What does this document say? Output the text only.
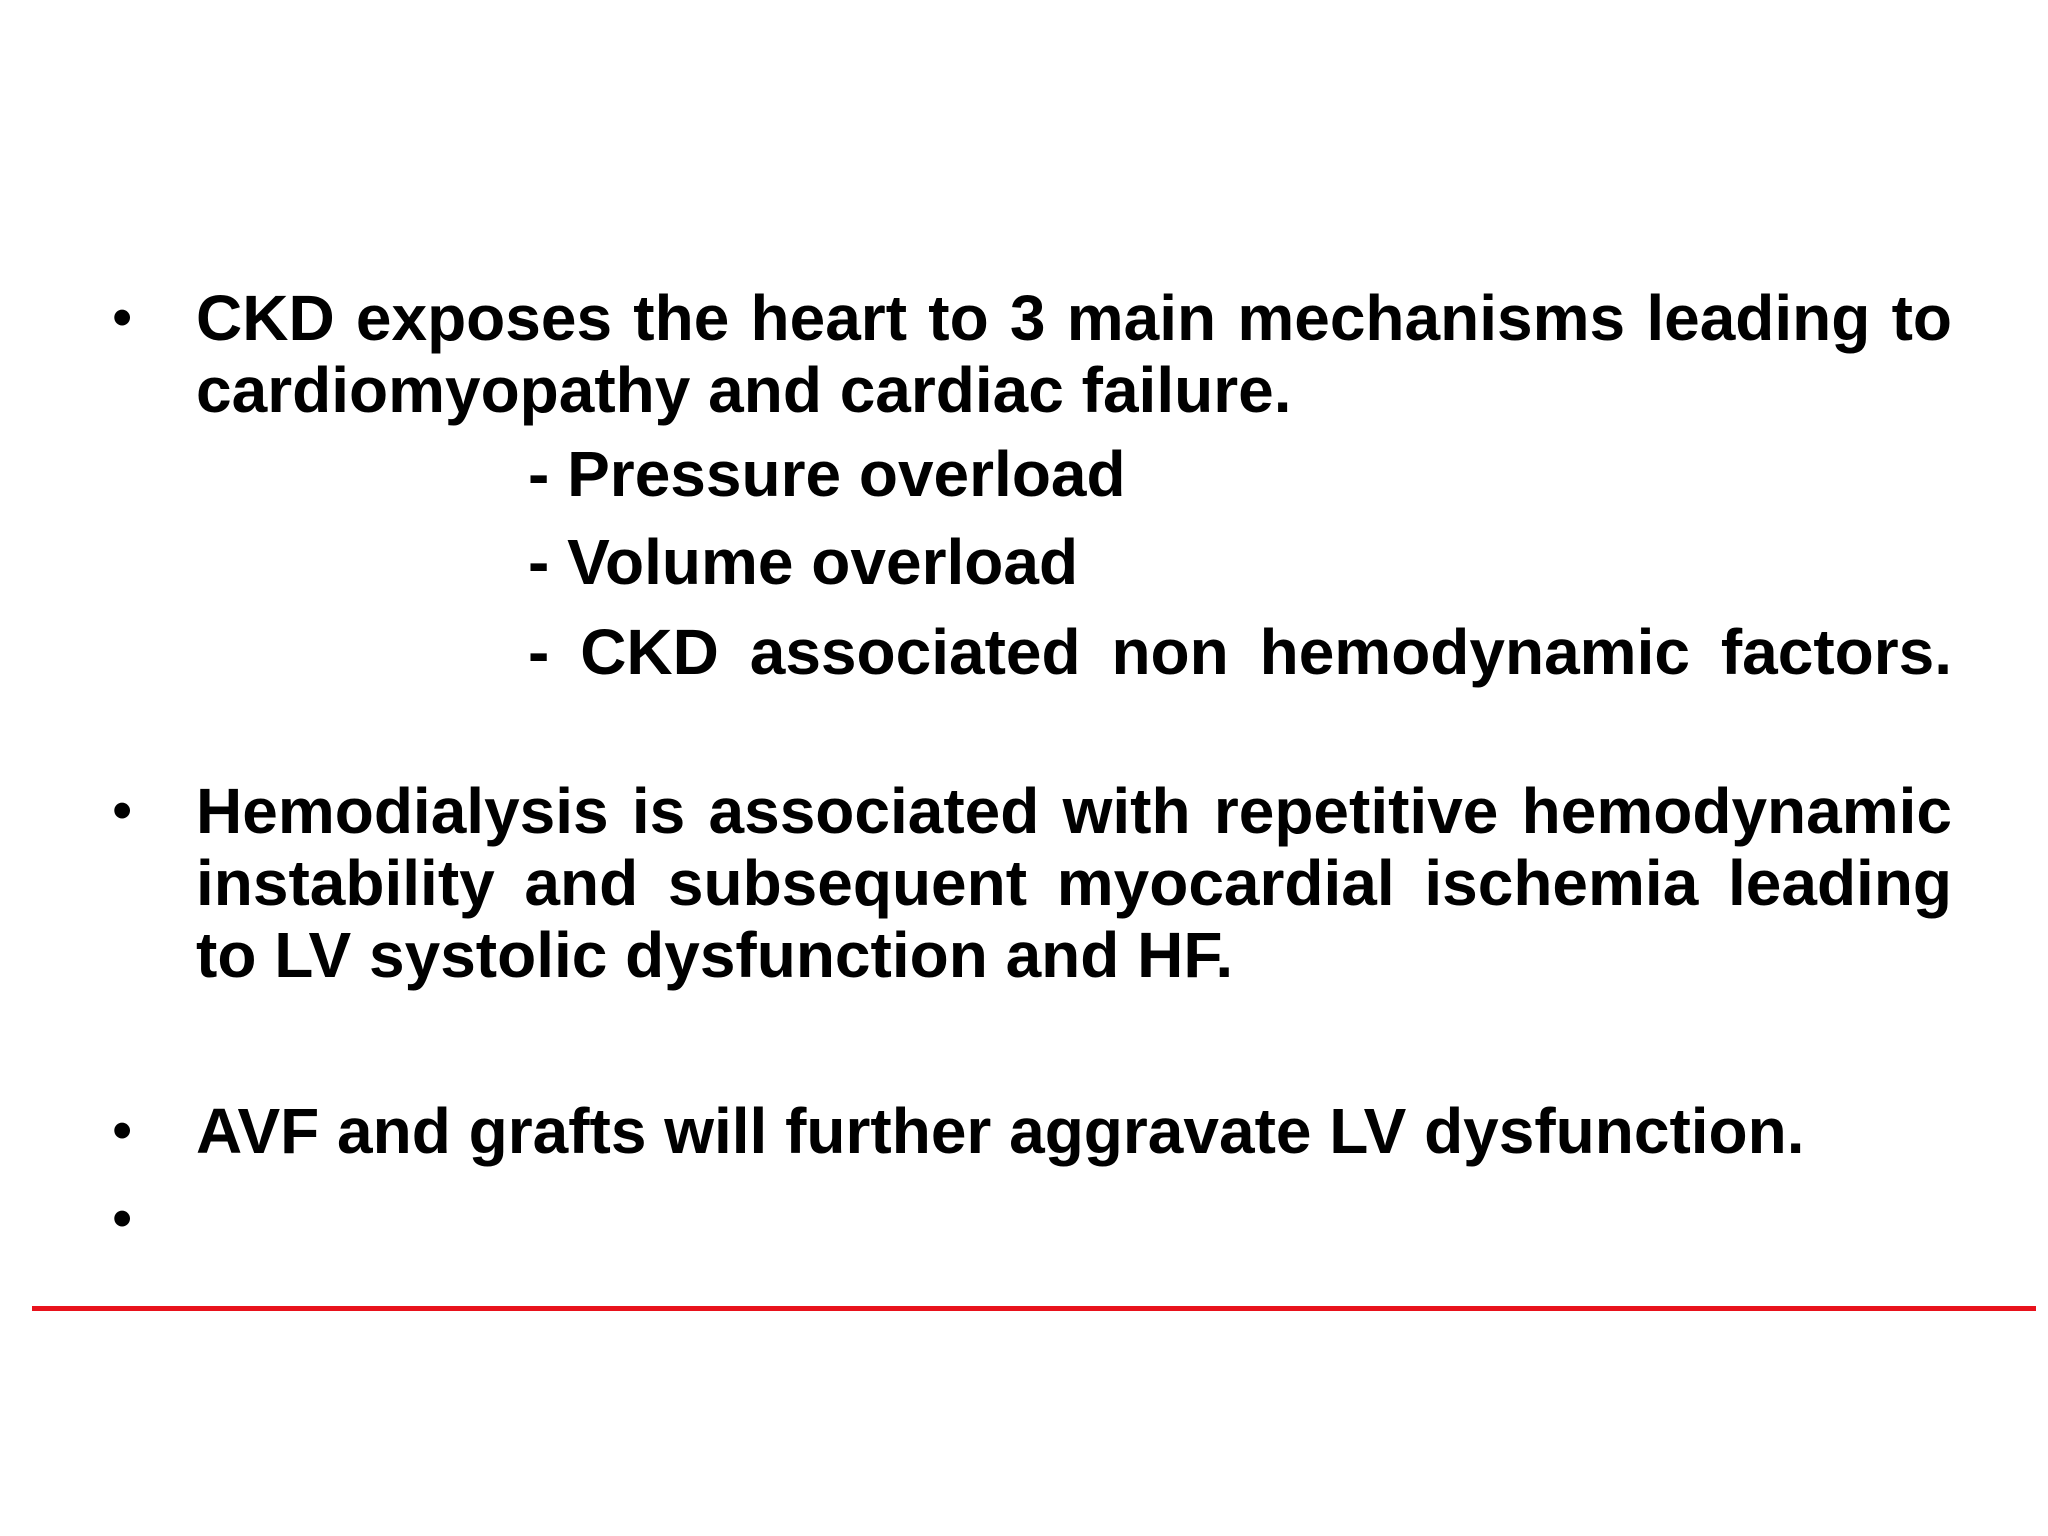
• CKD exposes the heart to 3 main mechanisms leading to cardiomyopathy and cardiac failure.
- Pressure overload
- Volume overload
- CKD associated non hemodynamic factors.
• Hemodialysis is associated with repetitive hemodynamic instability and subsequent myocardial ischemia leading to LV systolic dysfunction and HF.
• AVF and grafts will further aggravate LV dysfunction.
•
